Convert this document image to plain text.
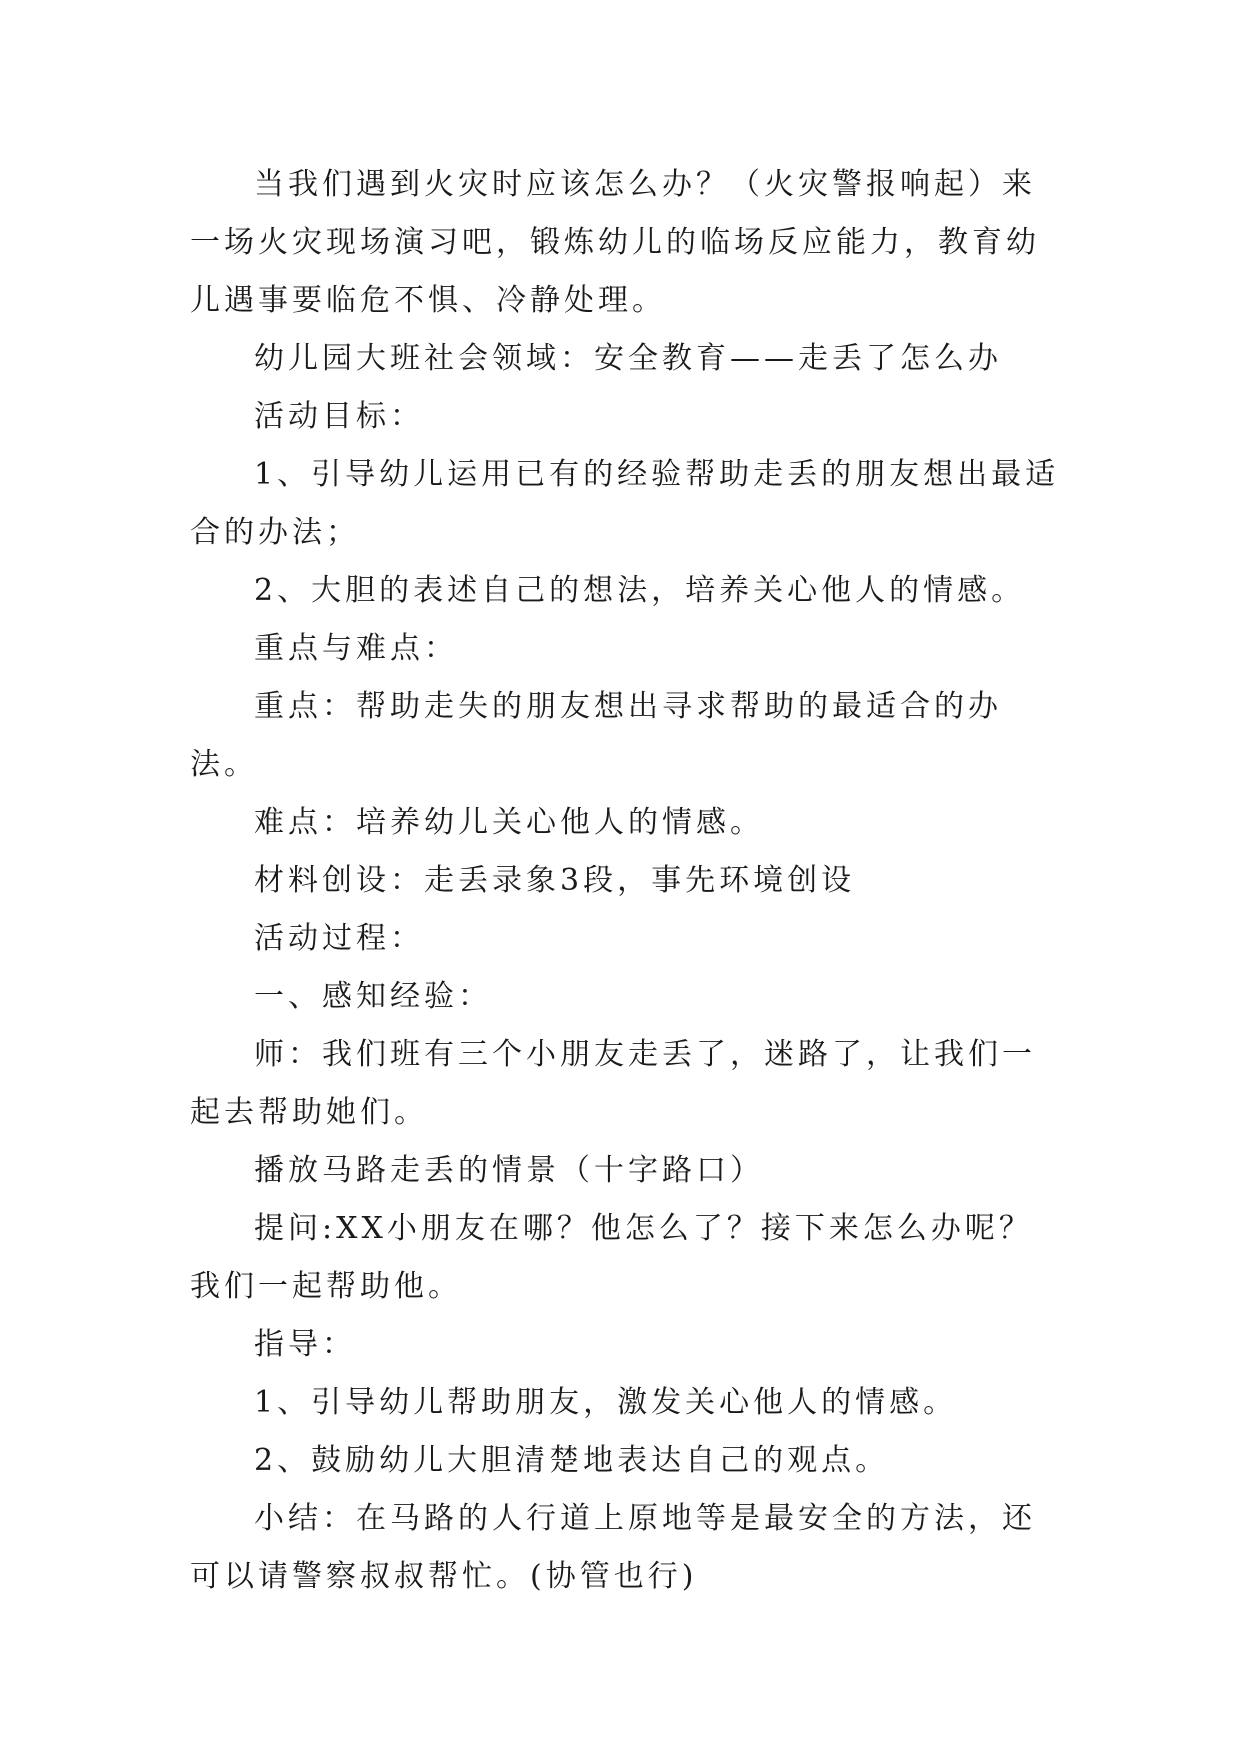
当我们遇到火灾时应该怎么办？（火灾警报响起）来一场火灾现场演习吧，锻炼幼儿的临场反应能力，教育幼儿遇事要临危不惧、冷静处理。

幼儿园大班社会领域：安全教育——走丢了怎么办

活动目标：

1、引导幼儿运用已有的经验帮助走丢的朋友想出最适合的办法；

2、大胆的表述自己的想法，培养关心他人的情感。

重点与难点：

重点：帮助走失的朋友想出寻求帮助的最适合的办法。

难点：培养幼儿关心他人的情感。

材料创设：走丢录象3段，事先环境创设

活动过程：

一、感知经验：

师：我们班有三个小朋友走丢了，迷路了，让我们一起去帮助她们。

播放马路走丢的情景（十字路口）

提问:XX小朋友在哪？他怎么了？接下来怎么办呢？我们一起帮助他。

指导：

1、引导幼儿帮助朋友，激发关心他人的情感。

2、鼓励幼儿大胆清楚地表达自己的观点。

小结：在马路的人行道上原地等是最安全的方法，还可以请警察叔叔帮忙。(协管也行)
